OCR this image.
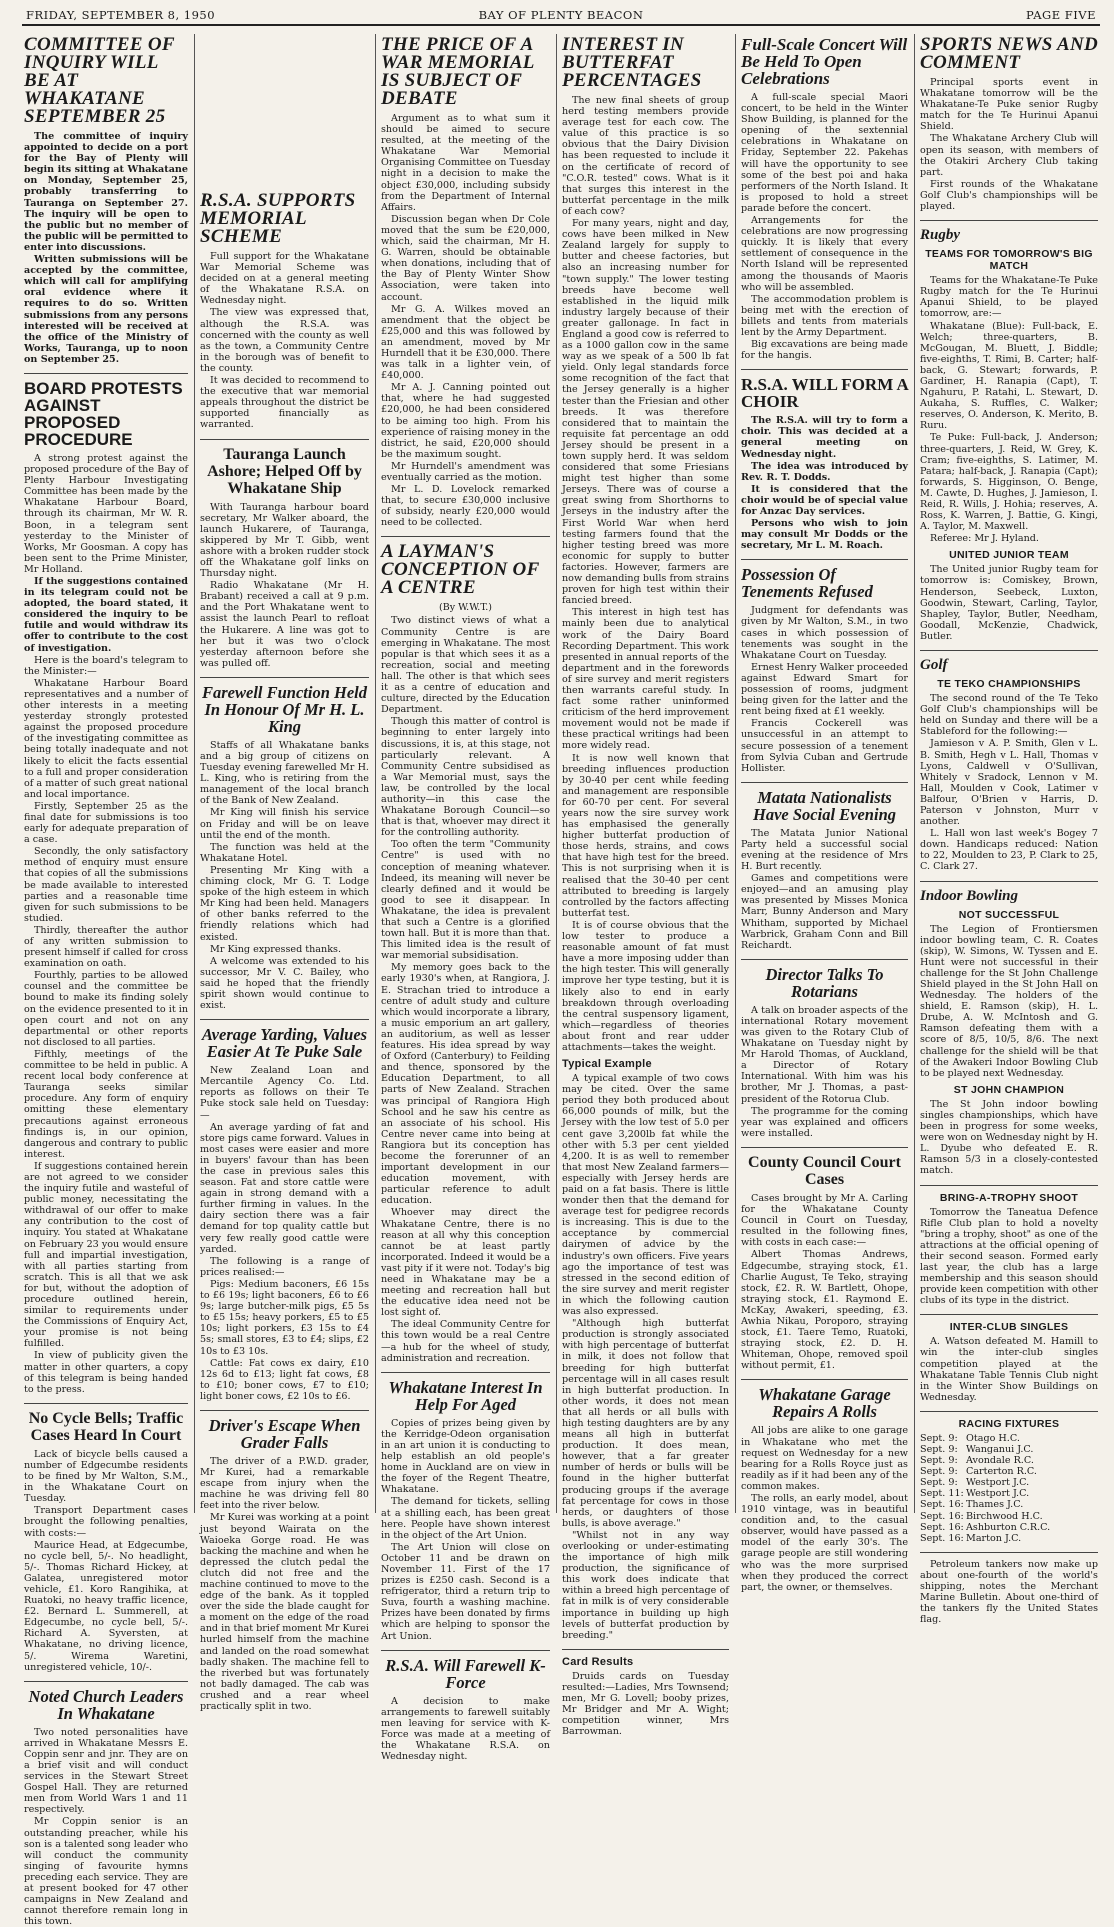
FRIDAY, SEPTEMBER 8, 1950	BAY OF PLENTY BEACON	PAGE FIVE
COMMITTEE OF INQUIRY WILL BE AT WHAKATANE SEPTEMBER 25

The committee of inquiry appointed to decide on a port for the Bay of Plenty will begin its sitting at Whakatane on Monday, September 25, probably transferring to Tauranga on September 27. The inquiry will be open to the public but no member of the public will be permitted to enter into discussions.

Written submissions will be accepted by the committee, which will call for amplifying oral evidence where it requires to do so. Written submissions from any persons interested will be received at the office of the Ministry of Works, Tauranga, up to noon on September 25.

BOARD PROTESTS AGAINST PROPOSED PROCEDURE

A strong protest against the proposed procedure of the Bay of Plenty Harbour Investigating Committee has been made by the Whakatane Harbour Board, through its chairman, Mr W. R. Boon, in a telegram sent yesterday to the Minister of Works, Mr Goosman. A copy has been sent to the Prime Minister, Mr Holland.

If the suggestions contained in its telegram could not be adopted, the board stated, it considered the inquiry to be futile and would withdraw its offer to contribute to the cost of investigation.

Here is the board's telegram to the Minister:—

Whakatane Harbour Board representatives and a number of other interests in a meeting yesterday strongly protested against the proposed procedure of the investigating committee as being totally inadequate and not likely to elicit the facts essential to a full and proper consideration of a matter of such great national and local importance.

Firstly, September 25 as the final date for submissions is too early for adequate preparation of a case.

Secondly, the only satisfactory method of enquiry must ensure that copies of all the submissions be made available to interested parties and a reasonable time given for such submissions to be studied.

Thirdly, thereafter the author of any written submission to present himself if called for cross examination on oath.

Fourthly, parties to be allowed counsel and the committee be bound to make its finding solely on the evidence presented to it in open court and not on any departmental or other reports not disclosed to all parties.

Fifthly, meetings of the committee to be held in public. A recent local body conference at Tauranga seeks similar procedure. Any form of enquiry omitting these elementary precautions against erroneous findings is, in our opinion, dangerous and contrary to public interest.

If suggestions contained herein are not agreed to we consider the inquiry futile and wasteful of public money, necessitating the withdrawal of our offer to make any contribution to the cost of inquiry. You stated at Whakatane on February 23 you would ensure full and impartial investigation, with all parties starting from scratch. This is all that we ask for but, without the adoption of procedure outlined herein, similar to requirements under the Commissions of Enquiry Act, your promise is not being fulfilled.

In view of publicity given the matter in other quarters, a copy of this telegram is being handed to the press.

No Cycle Bells; Traffic Cases Heard In Court

Lack of bicycle bells caused a number of Edgecumbe residents to be fined by Mr Walton, S.M., in the Whakatane Court on Tuesday.

Transport Department cases brought the following penalties, with costs:—

Maurice Head, at Edgecumbe, no cycle bell, 5/-. No headlight, 5/-. Thomas Richard Hickey, at Galatea, unregistered motor vehicle, £1. Koro Rangihika, at Ruatoki, no heavy traffic licence, £2. Bernard L. Summerell, at Edgecumbe, no cycle bell, 5/-. Richard A. Syversten, at Whakatane, no driving licence, 5/. Wirema Waretini, unregistered vehicle, 10/-.

Noted Church Leaders In Whakatane

Two noted personalities have arrived in Whakatane Messrs E. Coppin senr and jnr. They are on a brief visit and will conduct services in the Stewart Street Gospel Hall. They are returned men from World Wars 1 and 11 respectively.

Mr Coppin senior is an outstanding preacher, while his son is a talented song leader who will conduct the community singing of favourite hymns preceding each service. They are at present booked for 47 other campaigns in New Zealand and cannot therefore remain long in this town.

R.S.A. SUPPORTS MEMORIAL SCHEME

Full support for the Whakatane War Memorial Scheme was decided on at a general meeting of the Whakatane R.S.A. on Wednesday night.

The view was expressed that, although the R.S.A. was concerned with the county as well as the town, a Community Centre in the borough was of benefit to the county.

It was decided to recommend to the executive that war memorial appeals throughout the district be supported financially as warranted.

Tauranga Launch Ashore; Helped Off by Whakatane Ship

With Tauranga harbour board secretary, Mr Walker aboard, the launch Hukarere, of Tauranga, skippered by Mr T. Gibb, went ashore with a broken rudder stock off the Whakatane golf links on Thursday night.

Radio Whakatane (Mr H. Brabant) received a call at 9 p.m. and the Port Whakatane went to assist the launch Pearl to refloat the Hukarere. A line was got to her but it was two o'clock yesterday afternoon before she was pulled off.

Farewell Function Held In Honour Of Mr H. L. King

Staffs of all Whakatane banks and a big group of citizens on Tuesday evening farewelled Mr H. L. King, who is retiring from the management of the local branch of the Bank of New Zealand.

Mr King will finish his service on Friday and will be on leave until the end of the month.

The function was held at the Whakatane Hotel.

Presenting Mr King with a chiming clock, Mr G. T. Lodge spoke of the high esteem in which Mr King had been held. Managers of other banks referred to the friendly relations which had existed.

Mr King expressed thanks.

A welcome was extended to his successor, Mr V. C. Bailey, who said he hoped that the friendly spirit shown would continue to exist.

Average Yarding, Values Easier At Te Puke Sale

New Zealand Loan and Mercantile Agency Co. Ltd. reports as follows on their Te Puke stock sale held on Tuesday:—

An average yarding of fat and store pigs came forward. Values in most cases were easier and more in buyers' favour than has been the case in previous sales this season. Fat and store cattle were again in strong demand with a further firming in values. In the dairy section there was a fair demand for top quality cattle but very few really good cattle were yarded.

The following is a range of prices realised:—

Pigs: Medium baconers, £6 15s to £6 19s; light baconers, £6 to £6 9s; large butcher-milk pigs, £5 5s to £5 15s; heavy porkers, £5 to £5 10s; light porkers, £3 15s to £4 5s; small stores, £3 to £4; slips, £2 10s to £3 10s.

Cattle: Fat cows ex dairy, £10 12s 6d to £13; light fat cows, £8 to £10; boner cows, £7 to £10; light boner cows, £2 10s to £6.

Driver's Escape When Grader Falls

The driver of a P.W.D. grader, Mr Kurei, had a remarkable escape from injury when the machine he was driving fell 80 feet into the river below.

Mr Kurei was working at a point just beyond Wairata on the Waioeka Gorge road. He was backing the machine and when he depressed the clutch pedal the clutch did not free and the machine continued to move to the edge of the bank. As it toppled over the side the blade caught for a moment on the edge of the road and in that brief moment Mr Kurei hurled himself from the machine and landed on the road somewhat badly shaken. The machine fell to the riverbed but was fortunately not badly damaged. The cab was crushed and a rear wheel practically split in two.

THE PRICE OF A WAR MEMORIAL IS SUBJECT OF DEBATE

Argument as to what sum it should be aimed to secure resulted, at the meeting of the Whakatane War Memorial Organising Committee on Tuesday night in a decision to make the object £30,000, including subsidy from the Department of Internal Affairs.

Discussion began when Dr Cole moved that the sum be £20,000, which, said the chairman, Mr H. G. Warren, should be obtainable when donations, including that of the Bay of Plenty Winter Show Association, were taken into account.

Mr G. A. Wilkes moved an amendment that the object be £25,000 and this was followed by an amendment, moved by Mr Hurndell that it be £30,000. There was talk in a lighter vein, of £40,000.

Mr A. J. Canning pointed out that, where he had suggested £20,000, he had been considered to be aiming too high. From his experience of raising money in the district, he said, £20,000 should be the maximum sought.

Mr Hurndell's amendment was eventually carried as the motion.

Mr L. D. Lovelock remarked that, to secure £30,000 inclusive of subsidy, nearly £20,000 would need to be collected.

A LAYMAN'S CONCEPTION OF A CENTRE
(By W.W.T.)

Two distinct views of what a Community Centre is are emerging in Whakatane. The most popular is that which sees it as a recreation, social and meeting hall. The other is that which sees it as a centre of education and culture, directed by the Education Department.

Though this matter of control is beginning to enter largely into discussions, it is, at this stage, not particularly relevant. A Community Centre subsidised as a War Memorial must, says the law, be controlled by the local authority—in this case the Whakatane Borough Council—so that is that, whoever may direct it for the controlling authority.

Too often the term "Community Centre" is used with no conception of meaning whatever. Indeed, its meaning will never be clearly defined and it would be good to see it disappear. In Whakatane, the idea is prevalent that such a Centre is a glorified town hall. But it is more than that. This limited idea is the result of war memorial subsidisation.

My memory goes back to the early 1930's when, at Rangiora, J. E. Strachan tried to introduce a centre of adult study and culture which would incorporate a library, a music emporium an art gallery, an auditorium, as well as lesser features. His idea spread by way of Oxford (Canterbury) to Feilding and thence, sponsored by the Education Department, to all parts of New Zealand. Strachen was principal of Rangiora High School and he saw his centre as an associate of his school. His Centre never came into being at Rangiora but its conception has become the forerunner of an important development in our education movement, with particular reference to adult education.

Whoever may direct the Whakatane Centre, there is no reason at all why this conception cannot be at least partly incorporated. Indeed it would be a vast pity if it were not. Today's big need in Whakatane may be a meeting and recreation hall but the educative idea need not be lost sight of.

The ideal Community Centre for this town would be a real Centre—a hub for the wheel of study, administration and recreation.

Whakatane Interest In Help For Aged

Copies of prizes being given by the Kerridge-Odeon organisation in an art union it is conducting to help establish an old people's home in Auckland are on view in the foyer of the Regent Theatre, Whakatane.

The demand for tickets, selling at a shilling each, has been great here. People have shown interest in the object of the Art Union.

The Art Union will close on October 11 and be drawn on November 11. First of the 17 prizes is £250 cash. Second is a refrigerator, third a return trip to Suva, fourth a washing machine. Prizes have been donated by firms which are helping to sponsor the Art Union.

R.S.A. Will Farewell K-Force

A decision to make arrangements to farewell suitably men leaving for service with K-Force was made at a meeting of the Whakatane R.S.A. on Wednesday night.

INTEREST IN BUTTERFAT PERCENTAGES

The new final sheets of group herd testing members provide average test for each cow. The value of this practice is so obvious that the Dairy Division has been requested to include it on the certificate of record of "C.O.R. tested" cows. What is it that surges this interest in the butterfat percentage in the milk of each cow?

For many years, night and day, cows have been milked in New Zealand largely for supply to butter and cheese factories, but also an increasing number for "town supply." The lower testing breeds have become well established in the liquid milk industry largely because of their greater gallonage. In fact in England a good cow is referred to as a 1000 gallon cow in the same way as we speak of a 500 lb fat yield. Only legal standards force some recognition of the fact that the Jersey generally is a higher tester than the Friesian and other breeds. It was therefore considered that to maintain the requisite fat percentage an odd Jersey should be present in a town supply herd. It was seldom considered that some Friesians might test higher than some Jerseys. There was of course a great swing from Shorthorns to Jerseys in the industry after the First World War when herd testing farmers found that the higher testing breed was more economic for supply to butter factories. However, farmers are now demanding bulls from strains proven for high test within their fancied breed.

This interest in high test has mainly been due to analytical work of the Dairy Board Recording Department. This work presented in annual reports of the department and in the forewords of sire survey and merit registers then warrants careful study. In fact some rather uninformed criticism of the herd improvement movement would not be made if these practical writings had been more widely read.

It is now well known that breeding influences production by 30-40 per cent while feeding and management are responsible for 60-70 per cent. For several years now the sire survey work has emphasised the generally higher butterfat production of those herds, strains, and cows that have high test for the breed. This is not surprising when it is realised that the 30-40 per cent attributed to breeding is largely controlled by the factors affecting butterfat test.

It is of course obvious that the low tester to produce a reasonable amount of fat must have a more imposing udder than the high tester. This will generally improve her type testing, but it is likely also to end in early breakdown through overloading the central suspensory ligament, which—regardless of theories about front and rear udder attachments—takes the weight.

Typical Example

A typical example of two cows may be cited. Over the same period they both produced about 66,000 pounds of milk, but the Jersey with the low test of 5.0 per cent gave 3,200lb fat while the other with 5.3 per cent yielded 4,200. It is as well to remember that most New Zealand farmers—especially with Jersey herds are paid on a fat basis. There is little wonder then that the demand for average test for pedigree records is increasing. This is due to the acceptance by commercial dairymen of advice by the industry's own officers. Five years ago the importance of test was stressed in the second edition of the sire survey and merit register in which the following caution was also expressed.

"Although high butterfat production is strongly associated with high percentage of butterfat in milk, it does not follow that breeding for high butterfat percentage will in all cases result in high butterfat production. In other words, it does not mean that all herds or all bulls with high testing daughters are by any means all high in butterfat production. It does mean, however, that a far greater number of herds or bulls will be found in the higher butterfat producing groups if the average fat percentage for cows in those herds, or daughters of those bulls, is above average."

"Whilst not in any way overlooking or under-estimating the importance of high milk production, the significance of this work does indicate that within a breed high percentage of fat in milk is of very considerable importance in building up high levels of butterfat production by breeding."

Card Results

Druids cards on Tuesday resulted:—Ladies, Mrs Townsend; men, Mr G. Lovell; booby prizes, Mr Bridger and Mr A. Wight; competition winner, Mrs Barrowman.

Full-Scale Concert Will Be Held To Open Celebrations

A full-scale special Maori concert, to be held in the Winter Show Building, is planned for the opening of the sextennial celebrations in Whakatane on Friday, September 22. Pakehas will have the opportunity to see some of the best poi and haka performers of the North Island. It is proposed to hold a street parade before the concert.

Arrangements for the celebrations are now progressing quickly. It is likely that every settlement of consequence in the North Island will be represented among the thousands of Maoris who will be assembled.

The accommodation problem is being met with the erection of billets and tents from materials lent by the Army Department.

Big excavations are being made for the hangis.

R.S.A. WILL FORM A CHOIR

The R.S.A. will try to form a choir. This was decided at a general meeting on Wednesday night.

The idea was introduced by Rev. R. T. Dodds.

It is considered that the choir would be of special value for Anzac Day services.

Persons who wish to join may consult Mr Dodds or the secretary, Mr L. M. Roach.

Possession Of Tenements Refused

Judgment for defendants was given by Mr Walton, S.M., in two cases in which possession of tenements was sought in the Whakatane Court on Tuesday.

Ernest Henry Walker proceeded against Edward Smart for possession of rooms, judgment being given for the latter and the rent being fixed at £1 weekly.

Francis Cockerell was unsuccessful in an attempt to secure possession of a tenement from Sylvia Cuban and Gertrude Hollister.

Matata Nationalists Have Social Evening

The Matata Junior National Party held a successful social evening at the residence of Mrs H. Burt recently.

Games and competitions were enjoyed—and an amusing play was presented by Misses Monica Marr, Bunny Anderson and Mary Whitham, supported by Michael Warbrick, Graham Conn and Bill Reichardt.

Director Talks To Rotarians

A talk on broader aspects of the international Rotary movement was given to the Rotary Club of Whakatane on Tuesday night by Mr Harold Thomas, of Auckland, a Director of Rotary International. With him was his brother, Mr J. Thomas, a past-president of the Rotorua Club.

The programme for the coming year was explained and officers were installed.

County Council Court Cases

Cases brought by Mr A. Carling for the Whakatane County Council in Court on Tuesday, resulted in the following fines, with costs in each case:—

Albert Thomas Andrews, Edgecumbe, straying stock, £1. Charlie August, Te Teko, straying stock, £2. R. W. Bartlett, Ohope, straying stock, £1. Raymond E. McKay, Awakeri, speeding, £3. Awhia Nikau, Poroporo, straying stock, £1. Taere Temo, Ruatoki, straying stock, £2. D. H. Whiteman, Ohope, removed spoil without permit, £1.

Whakatane Garage Repairs A Rolls

All jobs are alike to one garage in Whakatane who met the request on Wednesday for a new bearing for a Rolls Royce just as readily as if it had been any of the common makes.

The rolls, an early model, about 1910 vintage, was in beautiful condition and, to the casual observer, would have passed as a model of the early 30's. The garage people are still wondering who was the more surprised when they produced the correct part, the owner, or themselves.

SPORTS NEWS AND COMMENT

Principal sports event in Whakatane tomorrow will be the Whakatane-Te Puke senior Rugby match for the Te Hurinui Apanui Shield.

The Whakatane Archery Club will open its season, with members of the Otakiri Archery Club taking part.

First rounds of the Whakatane Golf Club's championships will be played.

Rugby
TEAMS FOR TOMORROW'S BIG MATCH

Teams for the Whakatane-Te Puke Rugby match for the Te Hurinui Apanui Shield, to be played tomorrow, are:—

Whakatane (Blue): Full-back, E. Welch; three-quarters, B. McGougan, M. Bluett, J. Biddle; five-eighths, T. Rimi, B. Carter; half-back, G. Stewart; forwards, P. Gardiner, H. Ranapia (Capt), T. Ngahuru, P. Ratahi, L. Stewart, D. Aukaha, S. Ruffles, C. Walker; reserves, O. Anderson, K. Merito, B. Ruru.

Te Puke: Full-back, J. Anderson; three-quarters, J. Reid, W. Grey, K. Cram; five-eighths, S. Latimer, M. Patara; half-back, J. Ranapia (Capt); forwards, S. Higginson, O. Benge, M. Cawte, D. Hughes, J. Jamieson, I. Reid, R. Wills, J. Hohia; reserves, A. Ross, K. Warren, J. Battie, G. Kingi, A. Taylor, M. Maxwell.

Referee: Mr J. Hyland.

UNITED JUNIOR TEAM

The United junior Rugby team for tomorrow is: Comiskey, Brown, Henderson, Seebeck, Luxton, Goodwin, Stewart, Carling, Taylor, Shapley, Taylor, Butler, Needham, Goodall, McKenzie, Chadwick, Butler.

Golf
TE TEKO CHAMPIONSHIPS

The second round of the Te Teko Golf Club's championships will be held on Sunday and there will be a Stableford for the following:—

Jamieson v A. P. Smith, Glen v L. B. Smith, Hegh v L. Hall, Thomas v Lyons, Caldwell v O'Sullivan, Whitely v Sradock, Lennon v M. Hall, Moulden v Cook, Latimer v Balfour, O'Brien v Harris, D. Paterson v Johnston, Murr v another.

L. Hall won last week's Bogey 7 down. Handicaps reduced: Nation to 22, Moulden to 23, P. Clark to 25, C. Clark 27.

Indoor Bowling
NOT SUCCESSFUL

The Legion of Frontiersmen indoor bowling team, C. R. Coates (skip), W. Simons, W. Tyssen and E. Hunt were not successful in their challenge for the St John Challenge Shield played in the St John Hall on Wednesday. The holders of the shield, E. Ramson (skip), H. L. Drube, A. W. McIntosh and G. Ramson defeating them with a score of 8/5, 10/5, 8/6. The next challenge for the shield will be that of the Awakeri Indoor Bowling Club to be played next Wednesday.

ST JOHN CHAMPION

The St John indoor bowling singles championships, which have been in progress for some weeks, were won on Wednesday night by H. L. Dyube who defeated E. R. Ramson 5/3 in a closely-contested match.

BRING-A-TROPHY SHOOT

Tomorrow the Taneatua Defence Rifle Club plan to hold a novelty "bring a trophy, shoot" as one of the attractions at the official opening of their second season. Formed early last year, the club has a large membership and this season should provide keen competition with other clubs of its type in the district.

INTER-CLUB SINGLES

A. Watson defeated M. Hamill to win the inter-club singles competition played at the Whakatane Table Tennis Club night in the Winter Show Buildings on Wednesday.

RACING FIXTURES
Sept. 9: Otago H.C.
Sept. 9: Wanganui J.C.
Sept. 9: Avondale R.C.
Sept. 9: Carterton R.C.
Sept. 9: Westport J.C.
Sept. 11: Westport J.C.
Sept. 16: Thames J.C.
Sept. 16: Birchwood H.C.
Sept. 16: Ashburton C.R.C.
Sept. 16: Marton J.C.

Petroleum tankers now make up about one-fourth of the world's shipping, notes the Merchant Marine Bulletin. About one-third of the tankers fly the United States flag.
